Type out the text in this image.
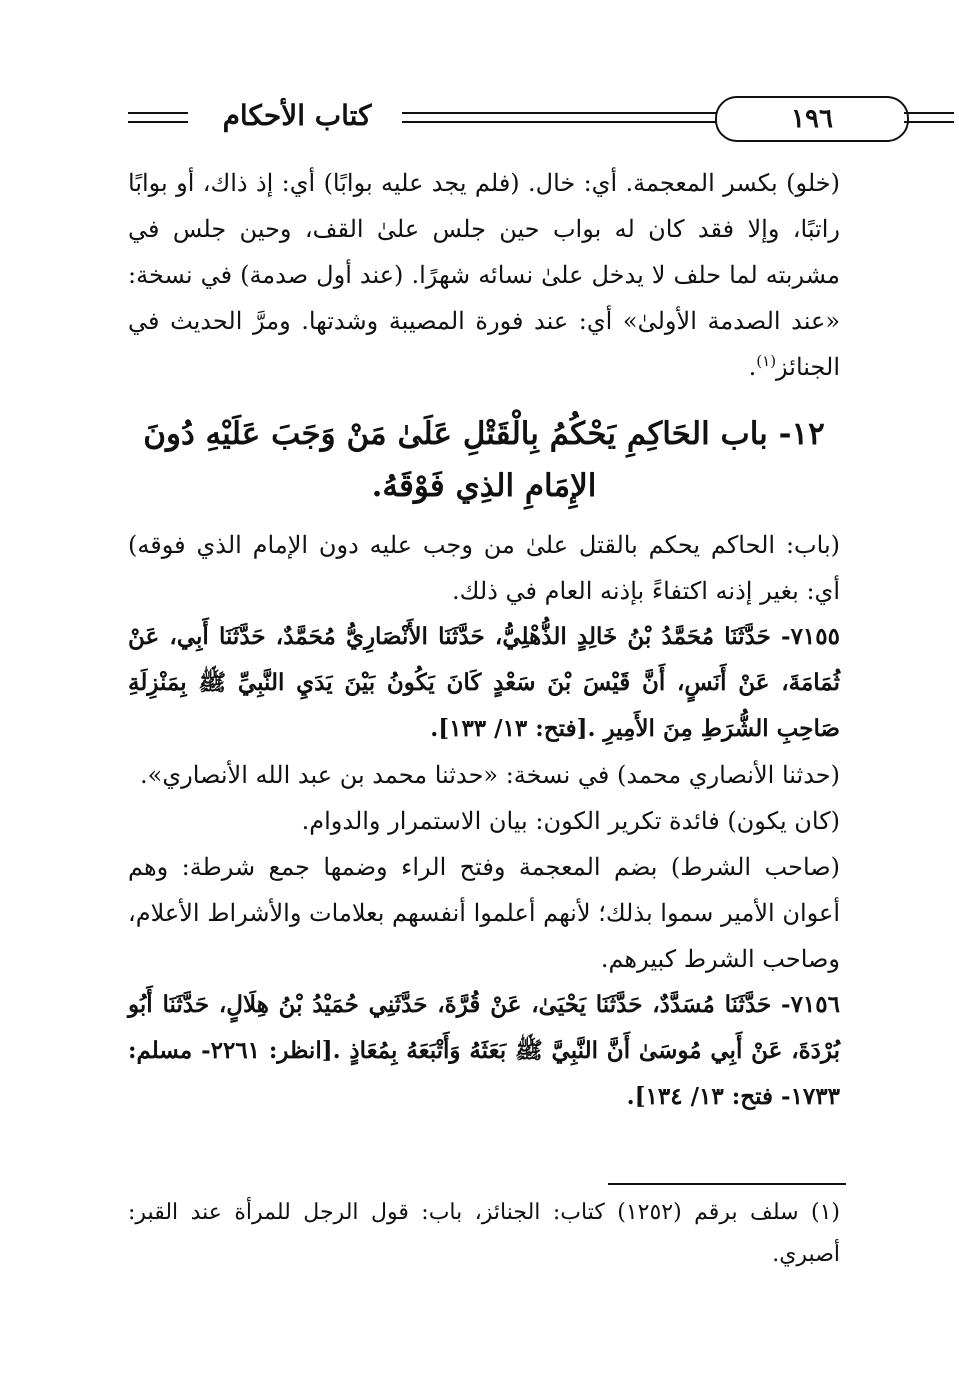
كتاب الأحكام	١٩٦

(خلو) بكسر المعجمة. أي: خال. (فلم يجد عليه بوابًا) أي: إذ ذاك، أو بوابًا راتبًا، وإلا فقد كان له بواب حين جلس علىٰ القف، وحين جلس في مشربته لما حلف لا يدخل علىٰ نسائه شهرًا. (عند أول صدمة) في نسخة: «عند الصدمة الأولىٰ» أي: عند فورة المصيبة وشدتها. ومرَّ الحديث في الجنائز$^{(١)}$.

١٢- باب الحَاكِمِ يَحْكُمُ بِالْقَتْلِ عَلَىٰ مَنْ وَجَبَ عَلَيْهِ دُونَ الإِمَامِ الذِي فَوْقَهُ.

(باب: الحاكم يحكم بالقتل علىٰ من وجب عليه دون الإمام الذي فوقه) أي: بغير إذنه اكتفاءً بإذنه العام في ذلك.

٧١٥٥- حَدَّثَنَا مُحَمَّدُ بْنُ خَالِدٍ الذُّهْلِيُّ، حَدَّثَنَا الأَنْصَارِيُّ مُحَمَّدٌ، حَدَّثَنَا أَبِي، عَنْ ثُمَامَةَ، عَنْ أَنَسٍ، أَنَّ قَيْسَ بْنَ سَعْدٍ كَانَ يَكُونُ بَيْنَ يَدَيِ النَّبِيِّ ﷺ بِمَنْزِلَةِ صَاحِبِ الشُّرَطِ مِنَ الأَمِيرِ .[فتح: ١٣/ ١٣٣].

(حدثنا الأنصاري محمد) في نسخة: «حدثنا محمد بن عبد الله الأنصاري».

(كان يكون) فائدة تكرير الكون: بيان الاستمرار والدوام.

(صاحب الشرط) بضم المعجمة وفتح الراء وضمها جمع شرطة: وهم أعوان الأمير سموا بذلك؛ لأنهم أعلموا أنفسهم بعلامات والأشراط الأعلام، وصاحب الشرط كبيرهم.

٧١٥٦- حَدَّثَنَا مُسَدَّدٌ، حَدَّثَنَا يَحْيَىٰ، عَنْ قُرَّةَ، حَدَّثَنِي حُمَيْدُ بْنُ هِلَالٍ، حَدَّثَنَا أَبُو بُرْدَةَ، عَنْ أَبِي مُوسَىٰ أَنَّ النَّبِيَّ ﷺ بَعَثَهُ وَأَتْبَعَهُ بِمُعَاذٍ .[انظر: ٢٢٦١- مسلم: ١٧٣٣- فتح: ١٣/ ١٣٤].

(١) سلف برقم (١٢٥٢) كتاب: الجنائز، باب: قول الرجل للمرأة عند القبر: أصبري.
